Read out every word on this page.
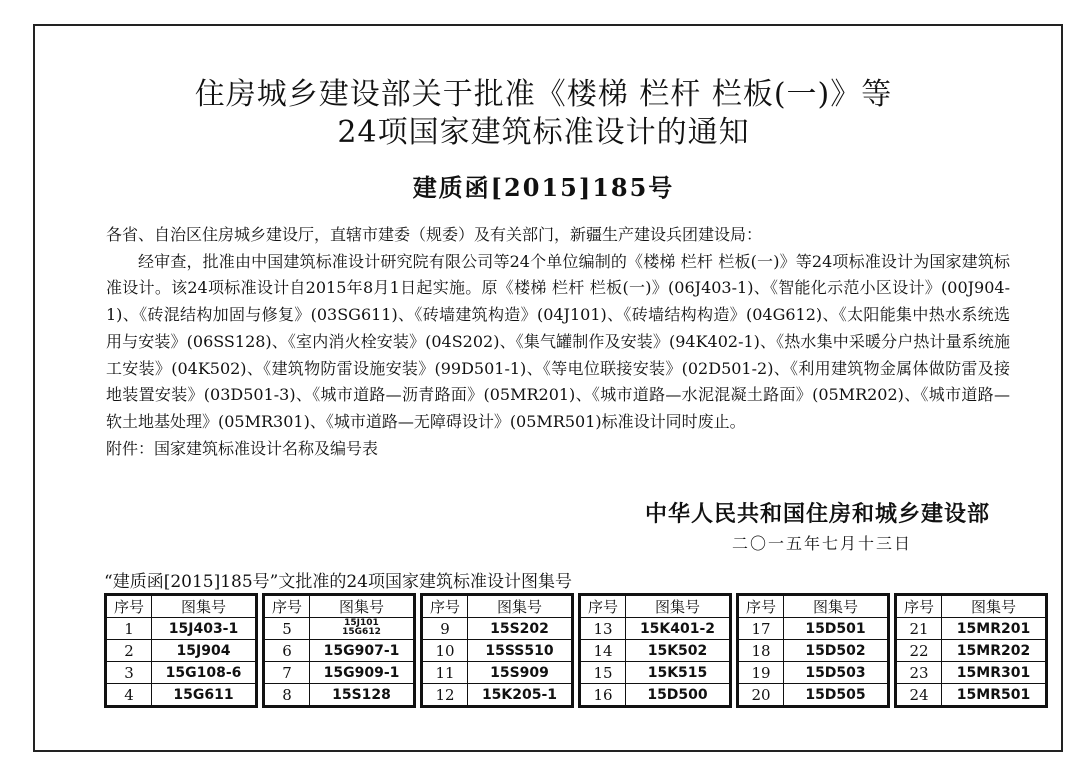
住房城乡建设部关于批准《楼梯 栏杆 栏板(一)》等
24项国家建筑标准设计的通知
建质函[2015]185号

各省、自治区住房城乡建设厅，直辖市建委（规委）及有关部门，新疆生产建设兵团建设局：

经审查，批准由中国建筑标准设计研究院有限公司等24个单位编制的《楼梯 栏杆 栏板(一)》等24项标准设计为国家建筑标准设计。该24项标准设计自2015年8月1日起实施。原《楼梯 栏杆 栏板(一)》(06J403-1)、《智能化示范小区设计》(00J904-1)、《砖混结构加固与修复》(03SG611)、《砖墙建筑构造》(04J101)、《砖墙结构构造》(04G612)、《太阳能集中热水系统选用与安装》(06SS128)、《室内消火栓安装》(04S202)、《集气罐制作及安装》(94K402-1)、《热水集中采暖分户热计量系统施工安装》(04K502)、《建筑物防雷设施安装》(99D501-1)、《等电位联接安装》(02D501-2)、《利用建筑物金属体做防雷及接地装置安装》(03D501-3)、《城市道路—沥青路面》(05MR201)、《城市道路—水泥混凝土路面》(05MR202)、《城市道路—软土地基处理》(05MR301)、《城市道路—无障碍设计》(05MR501)标准设计同时废止。

附件：国家建筑标准设计名称及编号表

中华人民共和国住房和城乡建设部
二〇一五年七月十三日
“建质函[2015]185号”文批准的24项国家建筑标准设计图集号
序号	图集号
1	15J403-1
2	15J904
3	15G108-6
4	15G611
序号	图集号
5	15J101
15G612

6	15G907-1
7	15G909-1
8	15S128
序号	图集号
9	15S202
10	15SS510
11	15S909
12	15K205-1
序号	图集号
13	15K401-2
14	15K502
15	15K515
16	15D500
序号	图集号
17	15D501
18	15D502
19	15D503
20	15D505
序号	图集号
21	15MR201
22	15MR202
23	15MR301
24	15MR501
